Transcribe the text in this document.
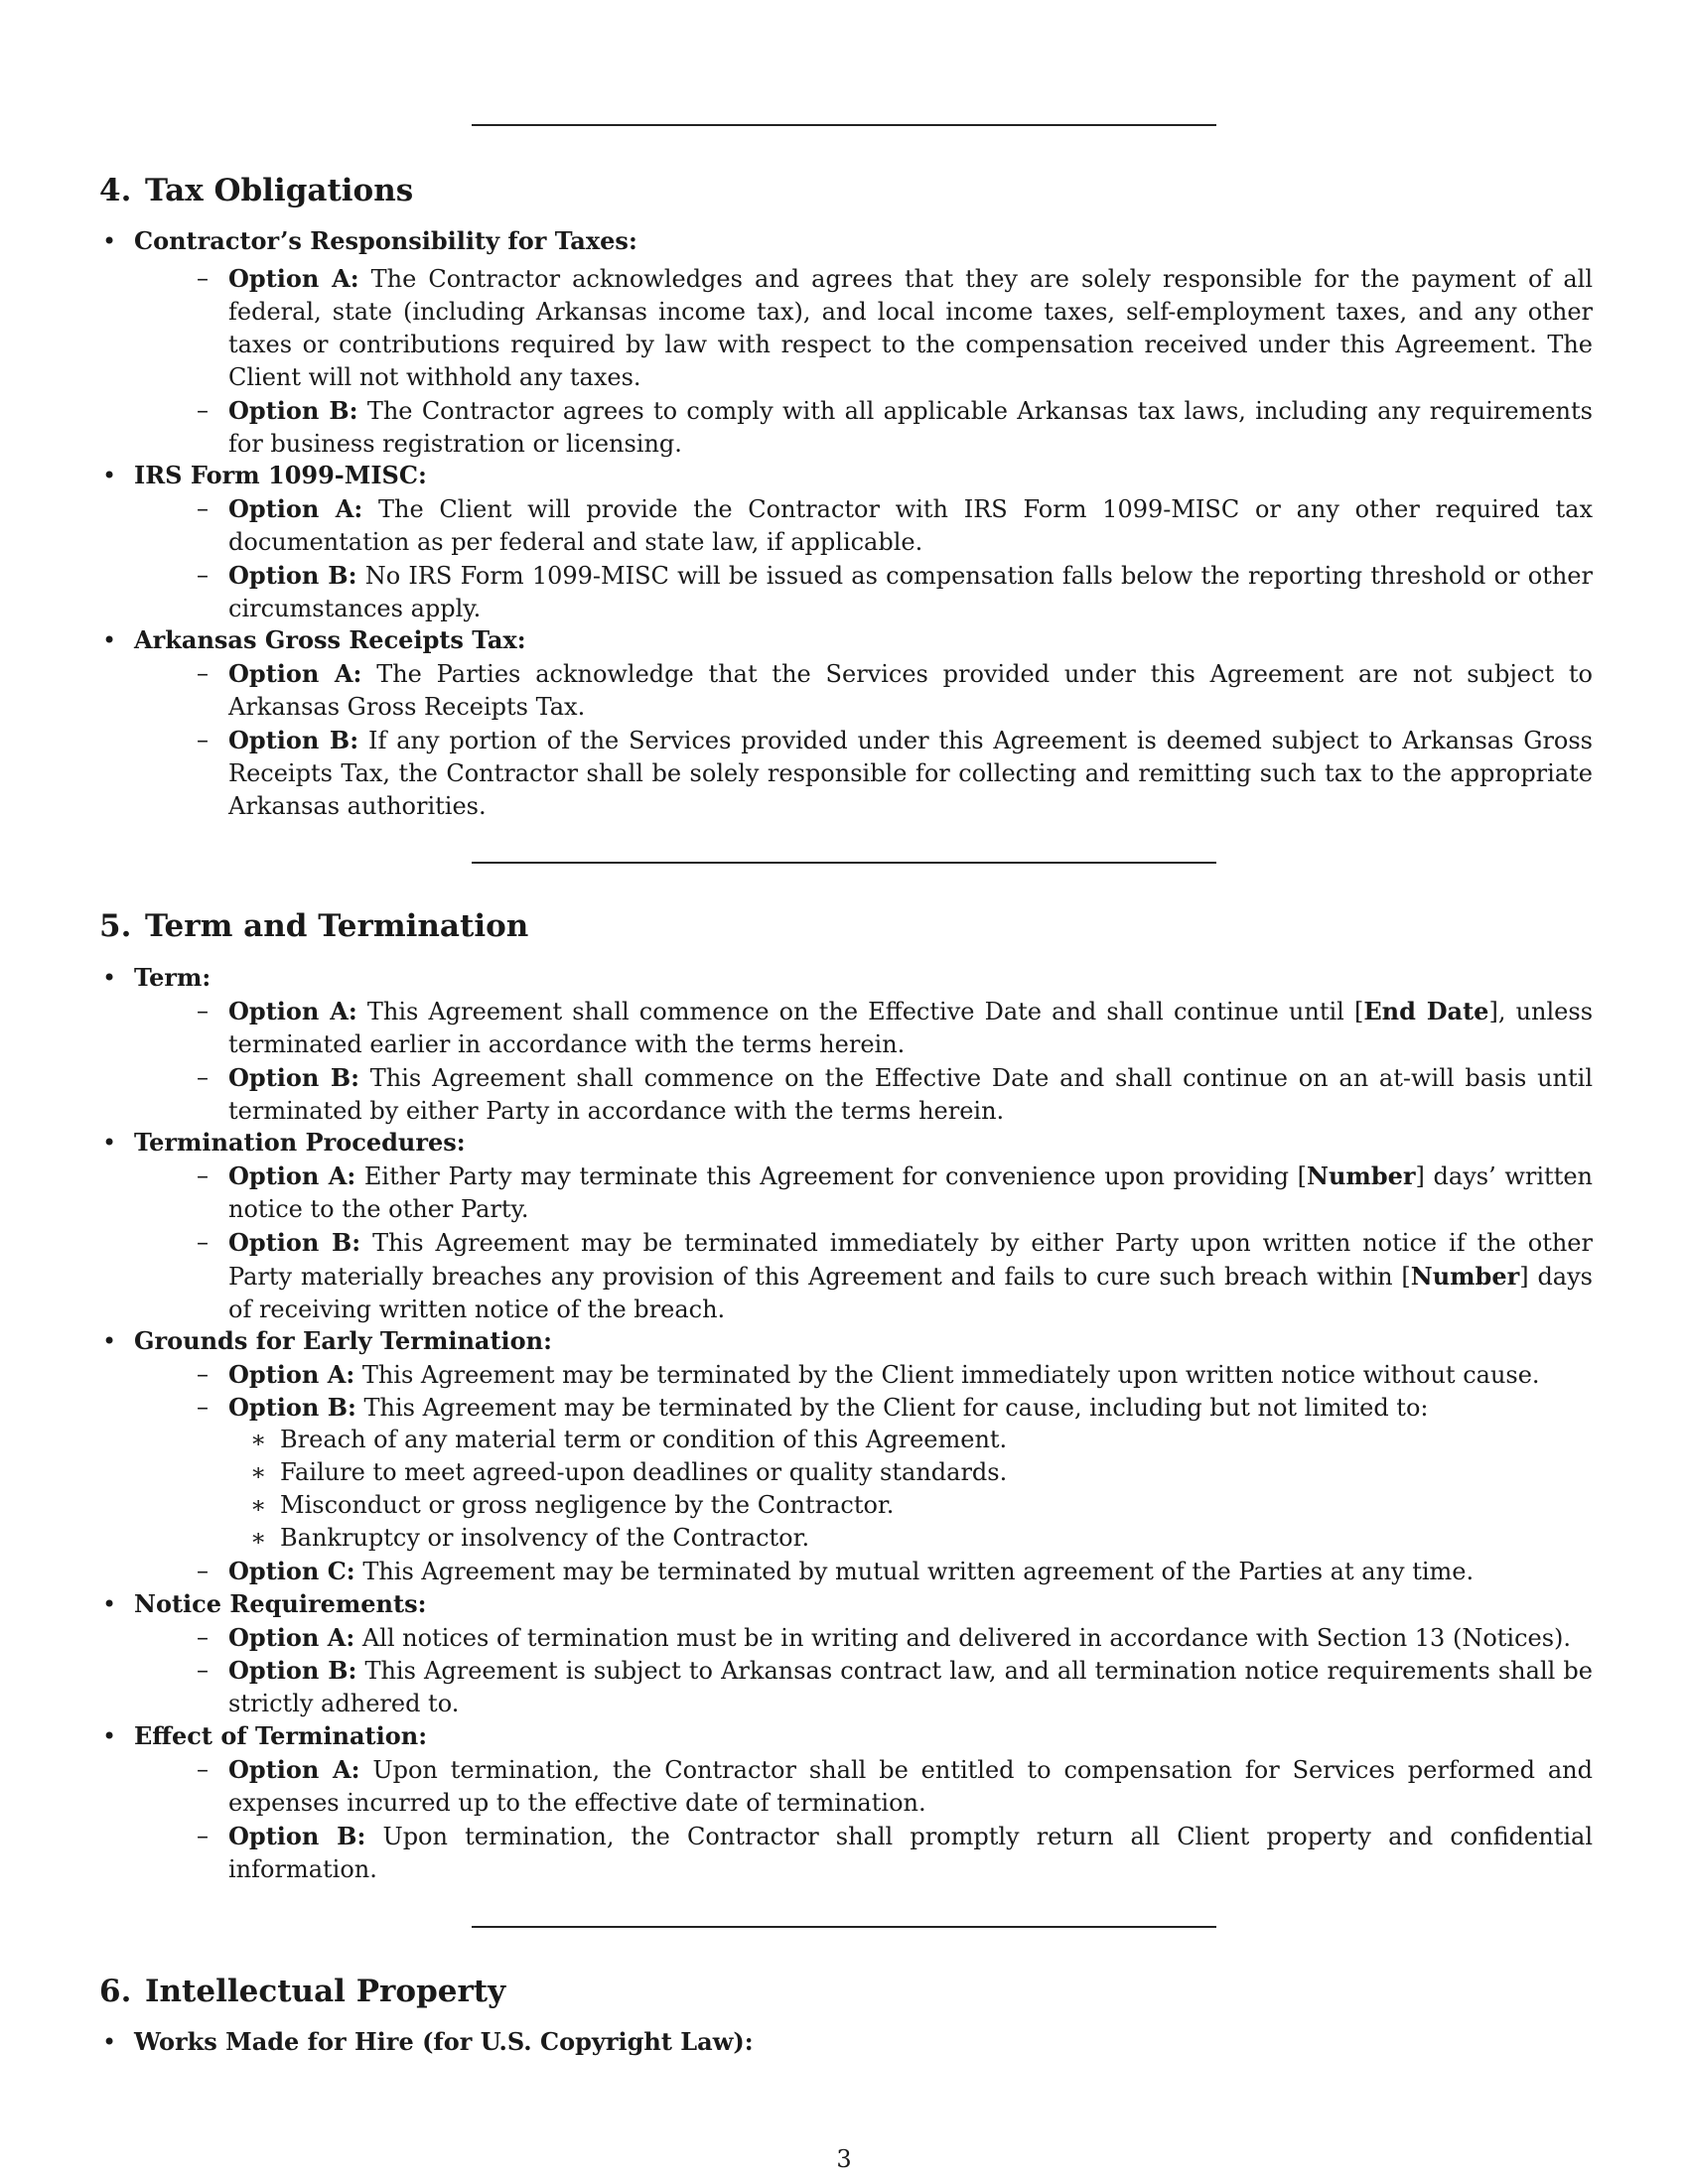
4. Tax Obligations
• Contractor’s Responsibility for Taxes:
– Option A: The Contractor acknowledges and agrees that they are solely responsible for the payment of all federal, state (including Arkansas income tax), and local income taxes, self-employment taxes, and any other taxes or contributions required by law with respect to the compensation received under this Agreement. The Client will not withhold any taxes.
– Option B: The Contractor agrees to comply with all applicable Arkansas tax laws, including any requirements for business registration or licensing.
• IRS Form 1099-MISC:
– Option A: The Client will provide the Contractor with IRS Form 1099-MISC or any other required tax documentation as per federal and state law, if applicable.
– Option B: No IRS Form 1099-MISC will be issued as compensation falls below the reporting threshold or other circumstances apply.
• Arkansas Gross Receipts Tax:
– Option A: The Parties acknowledge that the Services provided under this Agreement are not subject to Arkansas Gross Receipts Tax.
– Option B: If any portion of the Services provided under this Agreement is deemed subject to Arkansas Gross Receipts Tax, the Contractor shall be solely responsible for collecting and remitting such tax to the appropriate Arkansas authorities.
5. Term and Termination
• Term:
– Option A: This Agreement shall commence on the Effective Date and shall continue until [End Date], unless terminated earlier in accordance with the terms herein.
– Option B: This Agreement shall commence on the Effective Date and shall continue on an at-will basis until terminated by either Party in accordance with the terms herein.
• Termination Procedures:
– Option A: Either Party may terminate this Agreement for convenience upon providing [Number] days’ written notice to the other Party.
– Option B: This Agreement may be terminated immediately by either Party upon written notice if the other Party materially breaches any provision of this Agreement and fails to cure such breach within [Number] days of receiving written notice of the breach.
• Grounds for Early Termination:
– Option A: This Agreement may be terminated by the Client immediately upon written notice without cause.
– Option B: This Agreement may be terminated by the Client for cause, including but not limited to:
∗ Breach of any material term or condition of this Agreement.
∗ Failure to meet agreed-upon deadlines or quality standards.
∗ Misconduct or gross negligence by the Contractor.
∗ Bankruptcy or insolvency of the Contractor.
– Option C: This Agreement may be terminated by mutual written agreement of the Parties at any time.
• Notice Requirements:
– Option A: All notices of termination must be in writing and delivered in accordance with Section 13 (Notices).
– Option B: This Agreement is subject to Arkansas contract law, and all termination notice requirements shall be strictly adhered to.
• Effect of Termination:
– Option A: Upon termination, the Contractor shall be entitled to compensation for Services performed and expenses incurred up to the effective date of termination.
– Option B: Upon termination, the Contractor shall promptly return all Client property and confidential information.
6. Intellectual Property
• Works Made for Hire (for U.S. Copyright Law):
3
